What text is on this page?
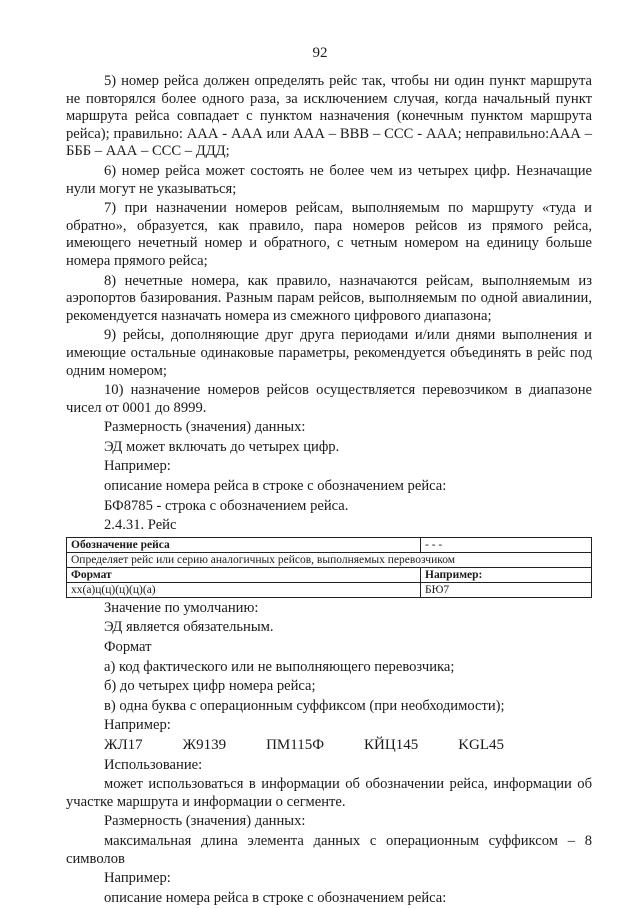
92

5) номер рейса должен определять рейс так, чтобы ни один пункт маршрута не повторялся более одного раза, за исключением случая, когда начальный пункт маршрута рейса совпадает с пунктом назначения (конечным пунктом маршрута рейса); правильно: ААА - ААА или ААА – ВВВ – ССС - ААА; неправильно:ААА – БББ – ААА – ССС – ДДД;

6) номер рейса может состоять не более чем из четырех цифр. Незначащие нули могут не указываться;

7) при назначении номеров рейсам, выполняемым по маршруту «туда и обратно», образуется, как правило, пара номеров рейсов из прямого рейса, имеющего нечетный номер и обратного, с четным номером на единицу больше номера прямого рейса;

8) нечетные номера, как правило, назначаются рейсам, выполняемым из аэропортов базирования. Разным парам рейсов, выполняемым по одной авиалинии, рекомендуется назначать номера из смежного цифрового диапазона;

9) рейсы, дополняющие друг друга периодами и/или днями выполнения и имеющие остальные одинаковые параметры, рекомендуется объединять в рейс под одним номером;

10) назначение номеров рейсов осуществляется перевозчиком в диапазоне чисел от 0001 до 8999.

Размерность (значения) данных:

ЭД может включать до четырех цифр.

Например:

описание номера рейса в строке с обозначением рейса:

БФ8785 - строка с обозначением рейса.

2.4.31. Рейс

Обозначение рейса	- - -
Определяет рейс или серию аналогичных рейсов, выполняемых перевозчиком	
Формат	Например:
xx(a)ц(ц)(ц)(ц)(a)	БЮ7

Значение по умолчанию:

ЭД является обязательным.

Формат

а) код фактического или не выполняющего перевозчика;

б) до четырех цифр номера рейса;

в) одна буква с операционным суффиксом (при необходимости);

Например:

ЖЛ17	Ж9139	ПМ115Ф	КЙЦ145	KGL45

Использование:

может использоваться в информации об обозначении рейса, информации об участке маршрута и информации о сегменте.

Размерность (значения) данных:

максимальная длина элемента данных с операционным суффиксом – 8 символов

Например:

описание номера рейса в строке с обозначением рейса:
